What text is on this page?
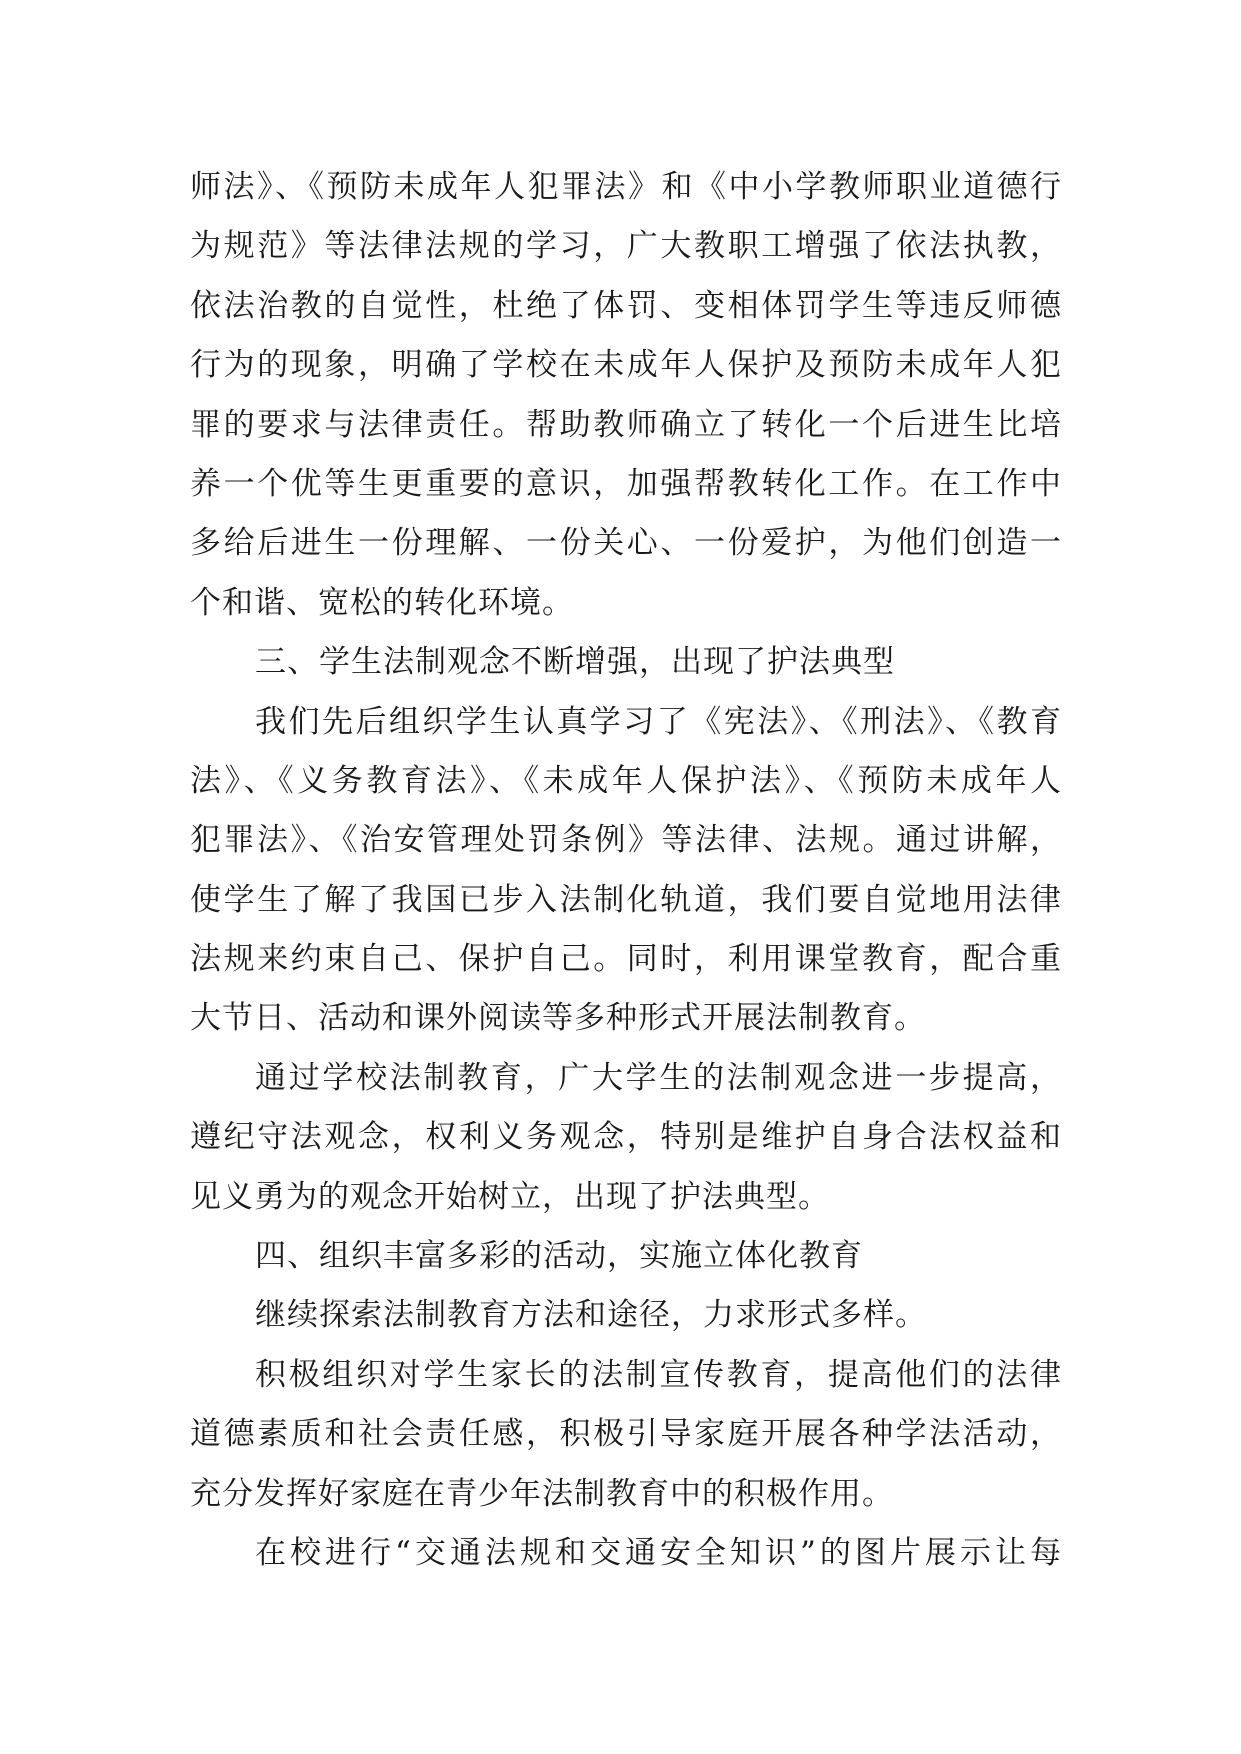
师法》、《预防未成年人犯罪法》和《中小学教师职业道德行
为规范》等法律法规的学习，广大教职工增强了依法执教，
依法治教的自觉性，杜绝了体罚、变相体罚学生等违反师德
行为的现象，明确了学校在未成年人保护及预防未成年人犯
罪的要求与法律责任。帮助教师确立了转化一个后进生比培
养一个优等生更重要的意识，加强帮教转化工作。在工作中
多给后进生一份理解、一份关心、一份爱护，为他们创造一
个和谐、宽松的转化环境。
三、学生法制观念不断增强，出现了护法典型
我们先后组织学生认真学习了《宪法》、《刑法》、《教育
法》、《义务教育法》、《未成年人保护法》、《预防未成年人
犯罪法》、《治安管理处罚条例》等法律、法规。通过讲解，
使学生了解了我国已步入法制化轨道，我们要自觉地用法律
法规来约束自己、保护自己。同时，利用课堂教育，配合重
大节日、活动和课外阅读等多种形式开展法制教育。
通过学校法制教育，广大学生的法制观念进一步提高，
遵纪守法观念，权利义务观念，特别是维护自身合法权益和
见义勇为的观念开始树立，出现了护法典型。
四、组织丰富多彩的活动，实施立体化教育
继续探索法制教育方法和途径，力求形式多样。
积极组织对学生家长的法制宣传教育，提高他们的法律
道德素质和社会责任感，积极引导家庭开展各种学法活动，
充分发挥好家庭在青少年法制教育中的积极作用。
在校进行“交通法规和交通安全知识”的图片展示让每
